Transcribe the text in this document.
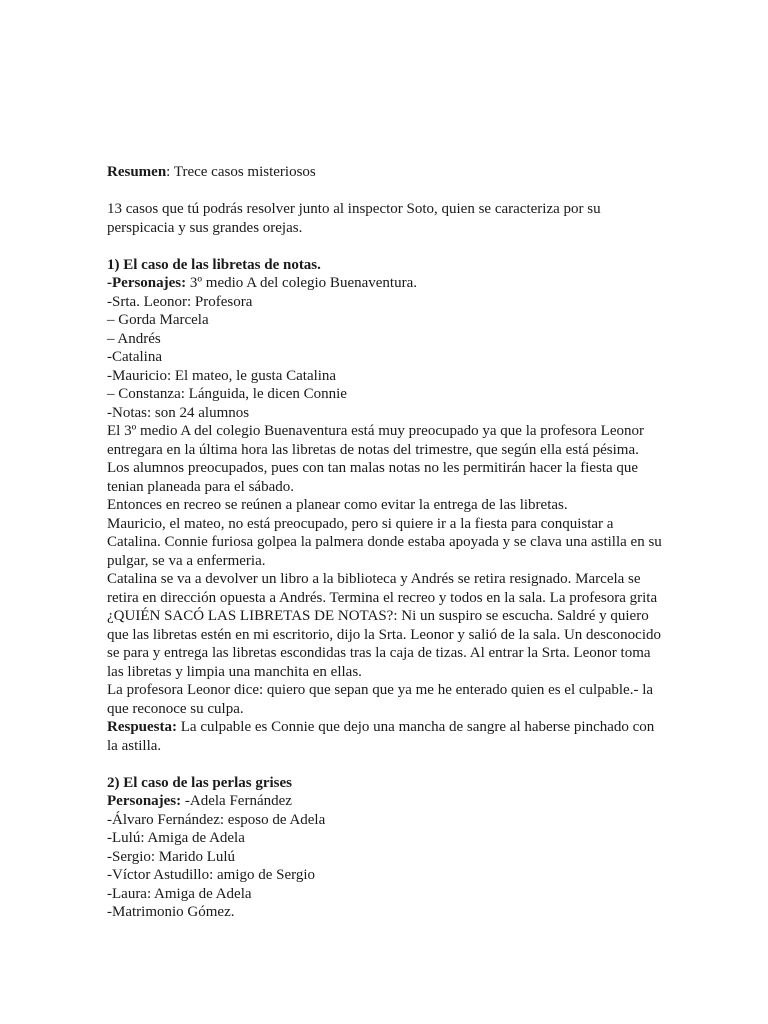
Resumen: Trece casos misteriosos

13 casos que tú podrás resolver junto al inspector Soto, quien se caracteriza por su perspicacia y sus grandes orejas.

1) El caso de las libretas de notas.

-Personajes: 3º medio A del colegio Buenaventura.

-Srta. Leonor: Profesora

– Gorda Marcela

– Andrés

-Catalina

-Mauricio: El mateo, le gusta Catalina

– Constanza: Lánguida, le dicen Connie

-Notas: son 24 alumnos

El 3º medio A del colegio Buenaventura está muy preocupado ya que la profesora Leonor entregara en la última hora las libretas de notas del trimestre, que según ella está pésima. Los alumnos preocupados, pues con tan malas notas no les permitirán hacer la fiesta que tenian planeada para el sábado.

Entonces en recreo se reúnen a planear como evitar la entrega de las libretas.

Mauricio, el mateo, no está preocupado, pero si quiere ir a la fiesta para conquistar a Catalina. Connie furiosa golpea la palmera donde estaba apoyada y se clava una astilla en su pulgar, se va a enfermeria.

Catalina se va a devolver un libro a la biblioteca y Andrés se retira resignado. Marcela se retira en dirección opuesta a Andrés. Termina el recreo y todos en la sala. La profesora grita ¿QUIÉN SACÓ LAS LIBRETAS DE NOTAS?: Ni un suspiro se escucha. Saldré y quiero que las libretas estén en mi escritorio, dijo la Srta. Leonor y salió de la sala. Un desconocido se para y entrega las libretas escondidas tras la caja de tizas. Al entrar la Srta. Leonor toma las libretas y limpia una manchita en ellas.

La profesora Leonor dice: quiero que sepan que ya me he enterado quien es el culpable.- la que reconoce su culpa.

Respuesta: La culpable es Connie que dejo una mancha de sangre al haberse pinchado con la astilla.

2) El caso de las perlas grises

Personajes: -Adela Fernández

-Álvaro Fernández: esposo de Adela

-Lulú: Amiga de Adela

-Sergio: Marido Lulú

-Víctor Astudillo: amigo de Sergio

-Laura: Amiga de Adela

-Matrimonio Gómez.
